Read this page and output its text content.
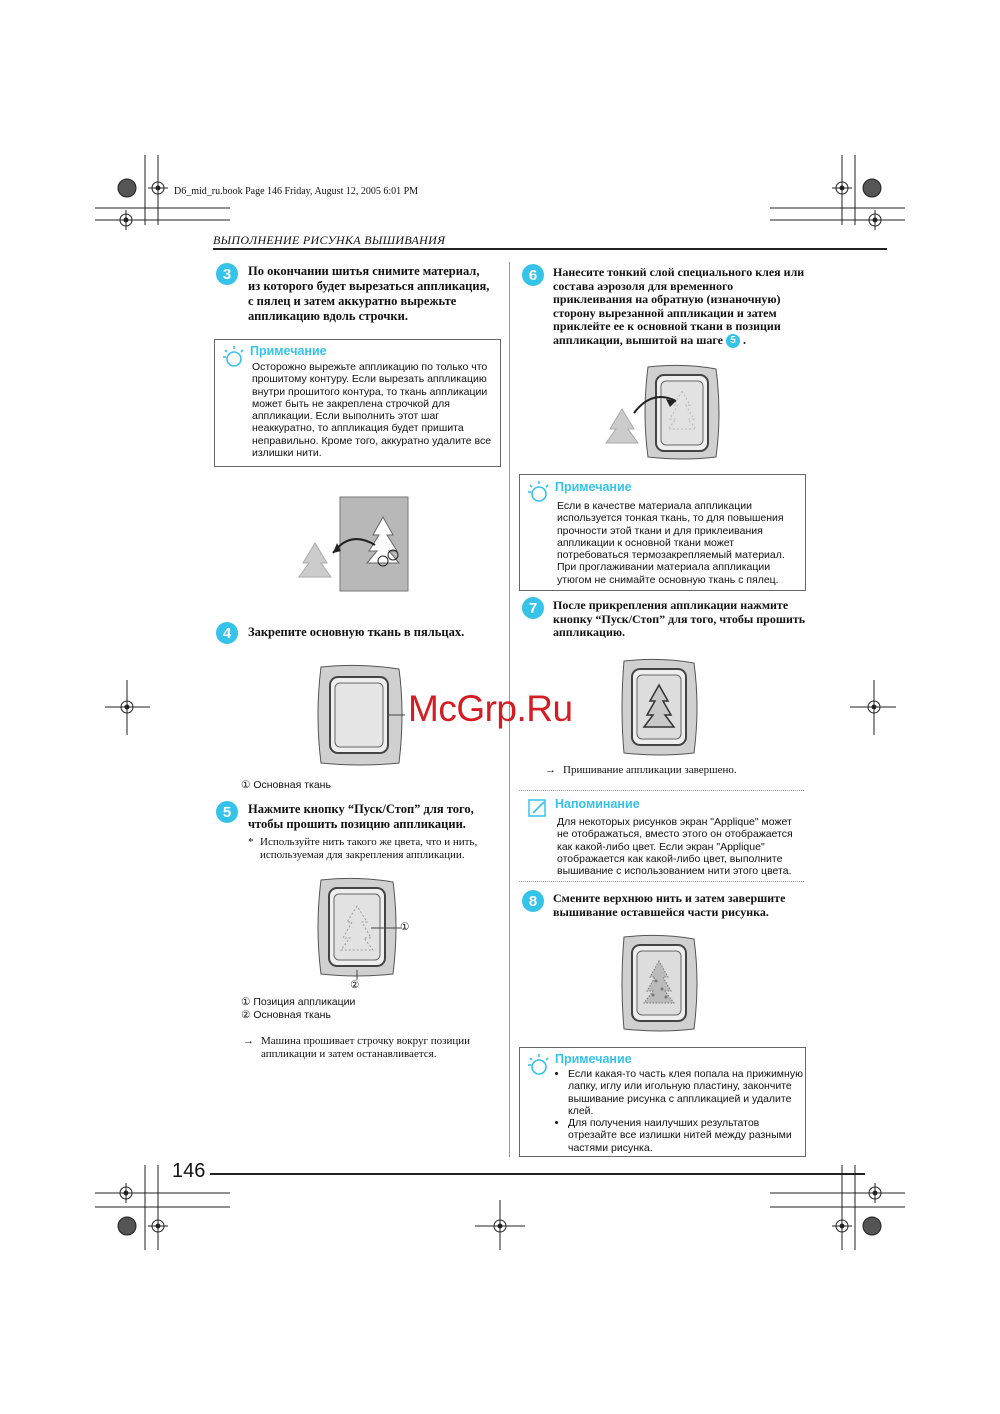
D6_mid_ru.book Page 146 Friday, August 12, 2005 6:01 PM
ВЫПОЛНЕНИЕ РИСУНКА ВЫШИВАНИЯ
3	По окончании шитья снимите материал,
из которого будет вырезаться аппликация,
с пялец и затем аккуратно вырежьте
аппликацию вдоль строчки.
Примечание
Осторожно вырежьте аппликацию по только что
прошитому контуру. Если вырезать аппликацию
внутри прошитого контура, то ткань аппликации
может быть не закреплена строчкой для
аппликации. Если выполнить этот шаг
неаккуратно, то аппликация будет пришита
неправильно. Кроме того, аккуратно удалите все
излишки нити.
4	Закрепите основную ткань в пяльцах.
① Основная ткань
5	Нажмите кнопку “Пуск/Стоп” для того,
чтобы прошить позицию аппликации.
* Используйте нить такого же цвета, что и нить,
используемая для закрепления аппликации.
①
②
① Позиция аппликации
② Основная ткань
→ Машина прошивает строчку вокруг позиции
аппликации и затем останавливается.
6	Нанесите тонкий слой специального клея или
состава аэрозоля для временного
приклеивания на обратную (изнаночную)
сторону вырезанной аппликации и затем
приклейте ее к основной ткани в позиции
аппликации, вышитой на шаге 5 .
Примечание
Если в качестве материала аппликации
используется тонкая ткань, то для повышения
прочности этой ткани и для приклеивания
аппликации к основной ткани может
потребоваться термозакрепляемый материал.
При проглаживании материала аппликации
утюгом не снимайте основную ткань с пялец.
7	После прикрепления аппликации нажмите
кнопку “Пуск/Стоп” для того, чтобы прошить
аппликацию.
→ Пришивание аппликации завершено.
Напоминание
Для некоторых рисунков экран "Applique" может
не отображаться, вместо этого он отображается
как какой-либо цвет. Если экран "Applique"
отображается как какой-либо цвет, выполните
вышивание с использованием нити этого цвета.
8	Смените верхнюю нить и затем завершите
вышивание оставшейся части рисунка.
Примечание
• Если какая-то часть клея попала на прижимную
лапку, иглу или игольную пластину, закончите
вышивание рисунка с аппликацией и удалите
клей.
• Для получения наилучших результатов
отрезайте все излишки нитей между разными
частями рисунка.
McGrp.Ru
146
